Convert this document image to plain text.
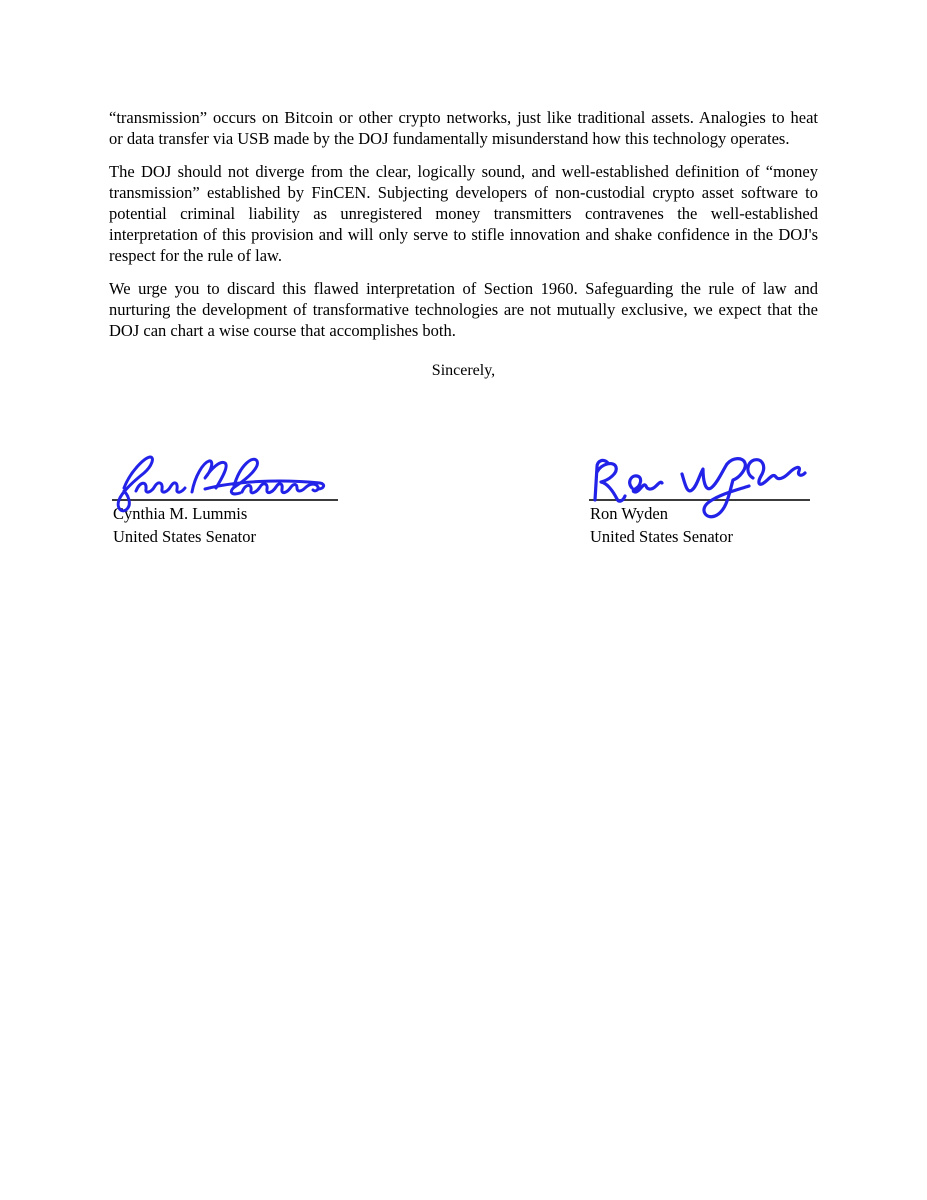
“transmission” occurs on Bitcoin or other crypto networks, just like traditional assets. Analogies to heat
or data transfer via USB made by the DOJ fundamentally misunderstand how this technology operates.
The DOJ should not diverge from the clear, logically sound, and well-established definition of “money
transmission” established by FinCEN. Subjecting developers of non-custodial crypto asset software to
potential criminal liability as unregistered money transmitters contravenes the well-established
interpretation of this provision and will only serve to stifle innovation and shake confidence in the DOJ's
respect for the rule of law.
We urge you to discard this flawed interpretation of Section 1960. Safeguarding the rule of law and
nurturing the development of transformative technologies are not mutually exclusive, we expect that the
DOJ can chart a wise course that accomplishes both.
Sincerely,
Cynthia M. Lummis
United States Senator
Ron Wyden
United States Senator
